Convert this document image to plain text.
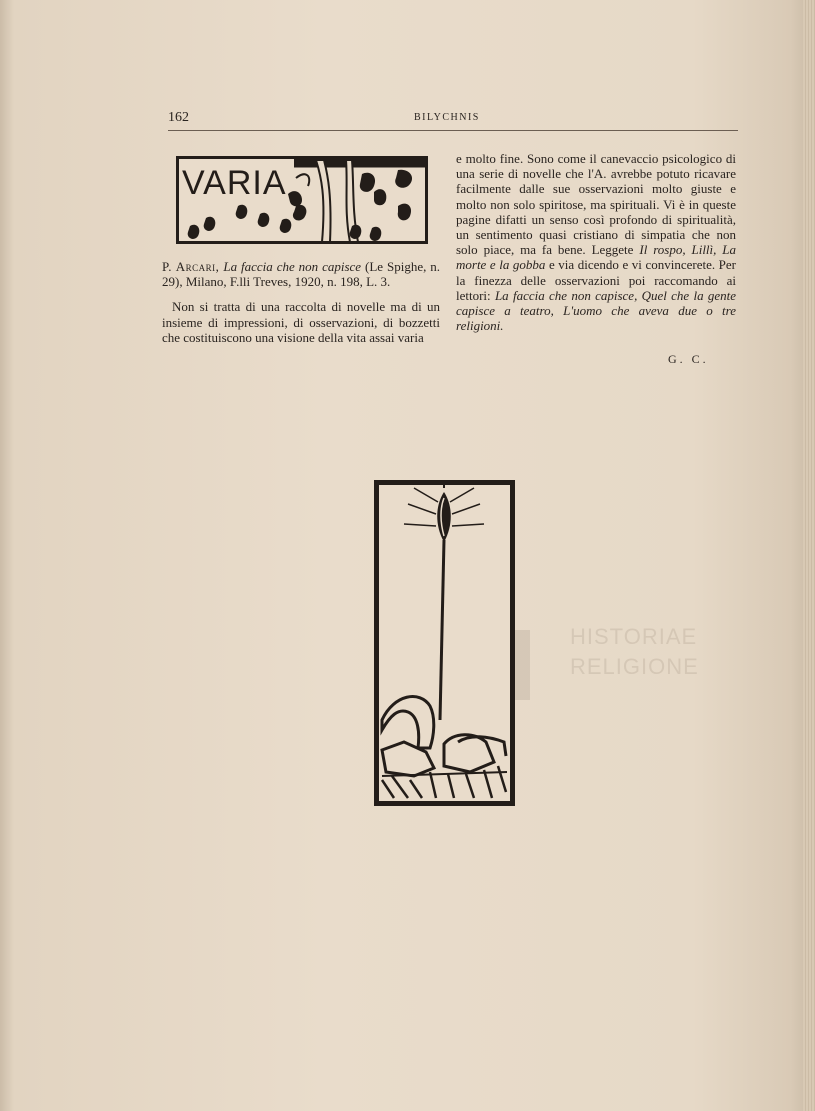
162	BILYCHNIS
VARIA

P. Arcari, La faccia che non capisce (Le Spighe, n. 29), Milano, F.lli Treves, 1920, n. 198, L. 3.

Non si tratta di una raccolta di novelle ma di un insieme di impressioni, di osservazioni, di bozzetti che costituiscono una visione della vita assai varia

e molto fine. Sono come il canevaccio psicologico di una serie di novelle che l'A. avrebbe potuto ricavare facilmente dalle sue osservazioni molto giuste e molto non solo spiritose, ma spirituali. Vi è in queste pagine difatti un senso così profondo di spiritualità, un sentimento quasi cristiano di simpatia che non solo piace, ma fa bene. Leggete Il rospo, Lillì, La morte e la gobba e via dicendo e vi convincerete. Per la finezza delle osservazioni poi raccomando ai lettori: La faccia che non capisce, Quel che la gente capisce a teatro, L'uomo che aveva due o tre religioni.

G. C.
HISTORIAE
RELIGIONE
